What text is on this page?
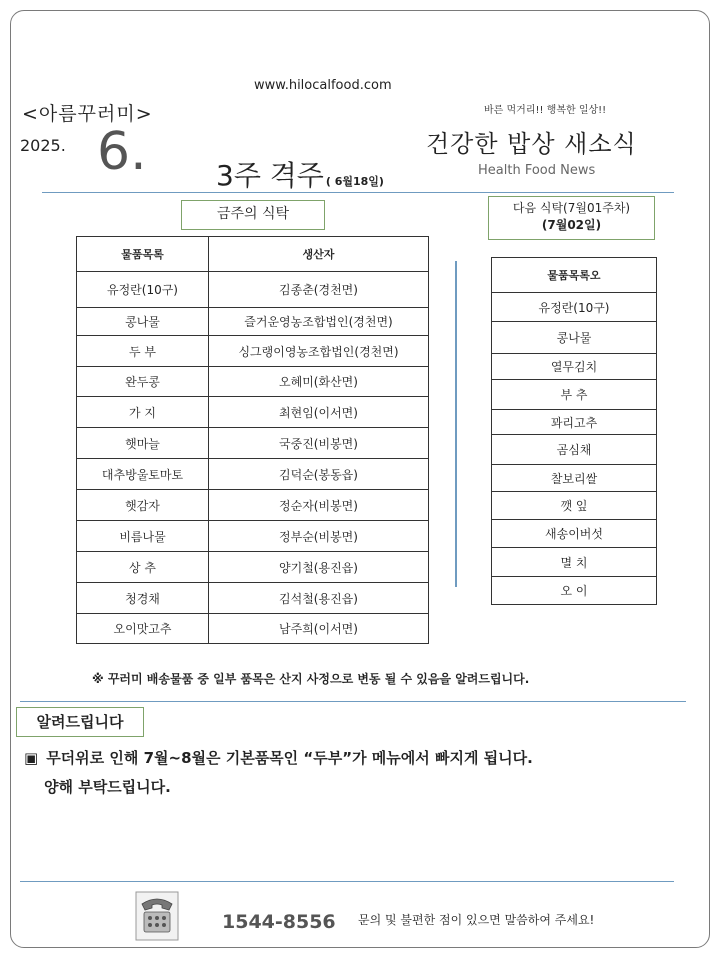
www.hilocalfood.com
<아름꾸러미>	바른 먹거리!! 행복한 일상!!
2025. 6. 3주 격주 ( 6월18일)
건강한 밥상 새소식
Health Food News
금주의 식탁	다음 식탁(7월01주차)
(7월02일)
물품목록	생산자
유정란(10구)	김종춘(경천면)
콩나물	즐거운영농조합법인(경천면)
두 부	싱그랭이영농조합법인(경천면)
완두콩	오혜미(화산면)
가 지	최현임(이서면)
햇마늘	국중진(비봉면)
대추방울토마토	김덕순(봉동읍)
햇감자	정순자(비봉면)
비름나물	정부순(비봉면)
상 추	양기철(용진읍)
청경채	김석철(용진읍)
오이맛고추	남주희(이서면)
물품목록오
유정란(10구)
콩나물
열무김치
부 추
꽈리고추
곰심채
찰보리쌀
깻 잎
새송이버섯
멸 치
오 이
※ 꾸러미 배송물품 중 일부 품목은 산지 사정으로 변동 될 수 있음을 알려드립니다.
알려드립니다
▣ 무더위로 인해 7월~8월은 기본품목인 “두부”가 메뉴에서 빠지게 됩니다.
양해 부탁드립니다.
1544-8556 문의 및 불편한 점이 있으면 말씀하여 주세요!
